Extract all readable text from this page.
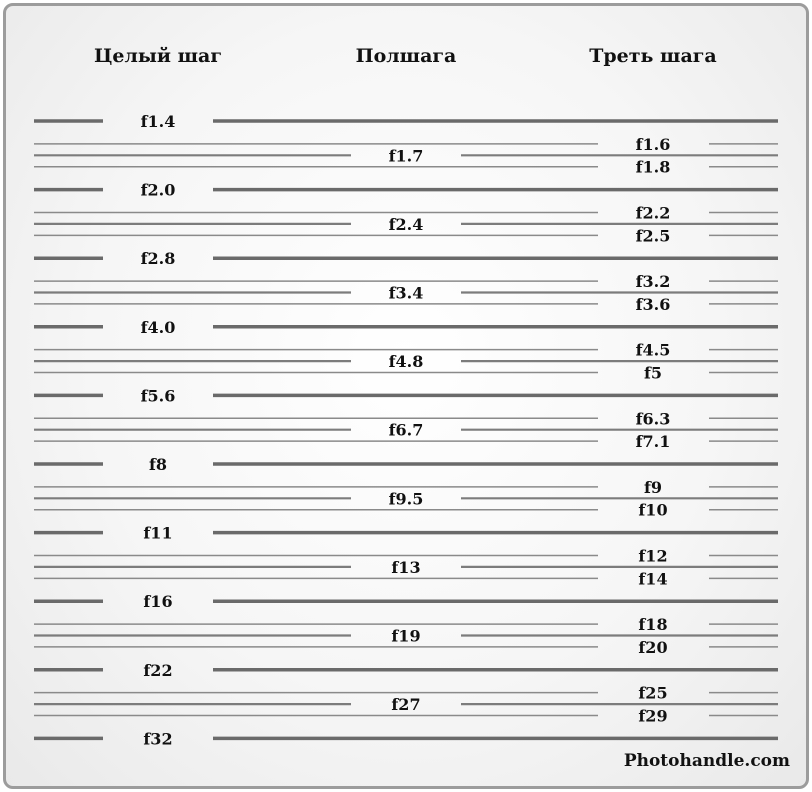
Целый шаг	Полшага	Треть шага
f1.4
f2.0
f2.8
f4.0
f5.6
f8
f11
f16
f22
f32
f1.7
f2.4
f3.4
f4.8
f6.7
f9.5
f13
f19
f27
f1.6
f1.8
f2.2
f2.5
f3.2
f3.6
f4.5
f5
f6.3
f7.1
f9
f10
f12
f14
f18
f20
f25
f29
Photohandle.com
